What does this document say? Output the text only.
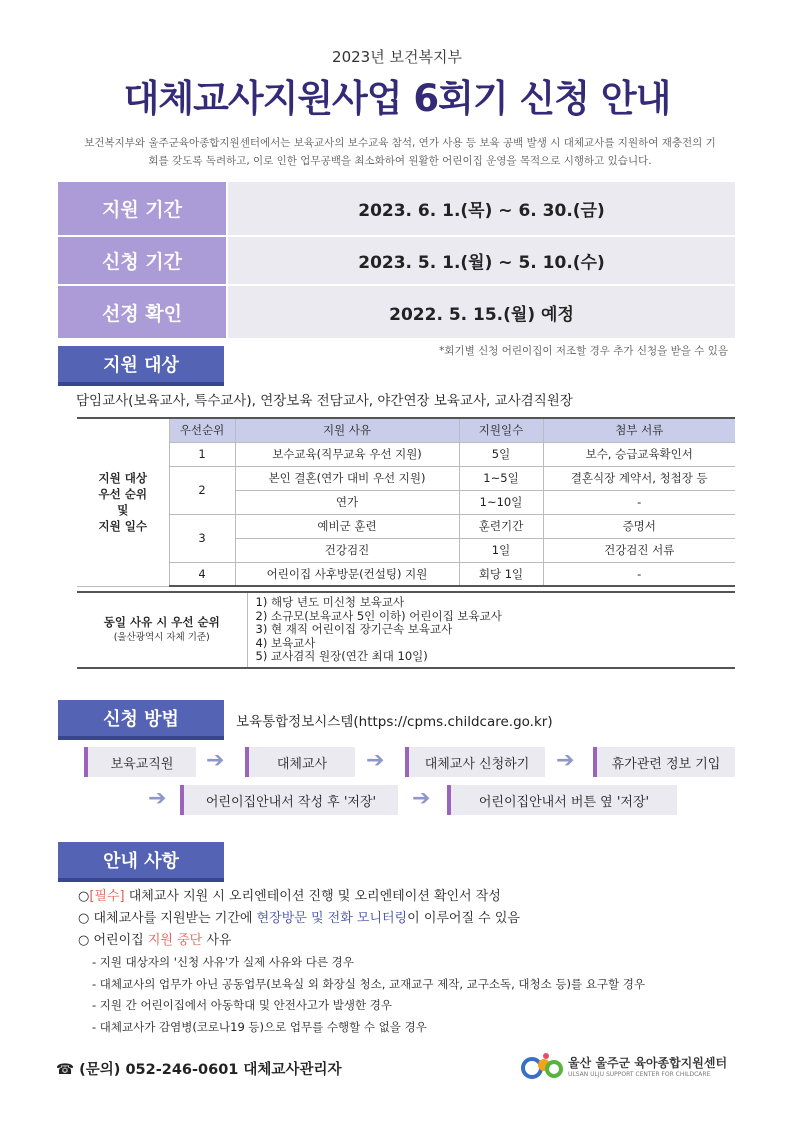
2023년 보건복지부
대체교사지원사업 6회기 신청 안내
보건복지부와 울주군육아종합지원센터에서는 보육교사의 보수교육 참석, 연가 사용 등 보육 공백 발생 시 대체교사를 지원하여 재충전의 기회를 갖도록 독려하고, 이로 인한 업무공백을 최소화하여 원활한 어린이집 운영을 목적으로 시행하고 있습니다.
지원 기간	2023. 6. 1.(목) ~ 6. 30.(금)
신청 기간	2023. 5. 1.(월) ~ 5. 10.(수)
선정 확인	2022. 5. 15.(월) 예정
*회기별 신청 어린이집이 저조할 경우 추가 신청을 받을 수 있음
지원 대상
담임교사(보육교사, 특수교사), 연장보육 전담교사, 야간연장 보육교사, 교사겸직원장
지원 대상
우선 순위
및
지원 일수	우선순위	지원 사유	지원일수	첨부 서류
	1	보수교육(직무교육 우선 지원)	5일	보수, 승급교육확인서
	2	본인 결혼(연가 대비 우선 지원)	1~5일	결혼식장 계약서, 청첩장 등
		연가	1~10일	-
	3	예비군 훈련	훈련기간	증명서
		건강검진	1일	건강검진 서류
	4	어린이집 사후방문(컨설팅) 지원	회당 1일	-
동일 사유 시 우선 순위
(울산광역시 자체 기준)	
1) 해당 년도 미신청 보육교사
2) 소규모(보육교사 5인 이하) 어린이집 보육교사
3) 현 재직 어린이집 장기근속 보육교사
4) 보육교사
5) 교사겸직 원장(연간 최대 10일)
신청 방법	보육통합정보시스템(https://cpms.childcare.go.kr)
보육교직원	➔	대체교사	➔	대체교사 신청하기	➔	휴가관련 정보 기입
➔	어린이집안내서 작성 후 '저장'	➔	어린이집안내서 버튼 옆 '저장'
안내 사항
○[필수] 대체교사 지원 시 오리엔테이션 진행 및 오리엔테이션 확인서 작성
○ 대체교사를 지원받는 기간에 현장방문 및 전화 모니터링이 이루어질 수 있음
○ 어린이집 지원 중단 사유
- 지원 대상자의 '신청 사유'가 실제 사유와 다른 경우
- 대체교사의 업무가 아닌 공동업무(보육실 외 화장실 청소, 교재교구 제작, 교구소독, 대청소 등)를 요구할 경우
- 지원 간 어린이집에서 아동학대 및 안전사고가 발생한 경우
- 대체교사가 감염병(코로나19 등)으로 업무를 수행할 수 없을 경우
☎ (문의) 052-246-0601 대체교사관리자	울산 울주군 육아종합지원센터
ULSAN ULJU SUPPORT CENTER FOR CHILDCARE
